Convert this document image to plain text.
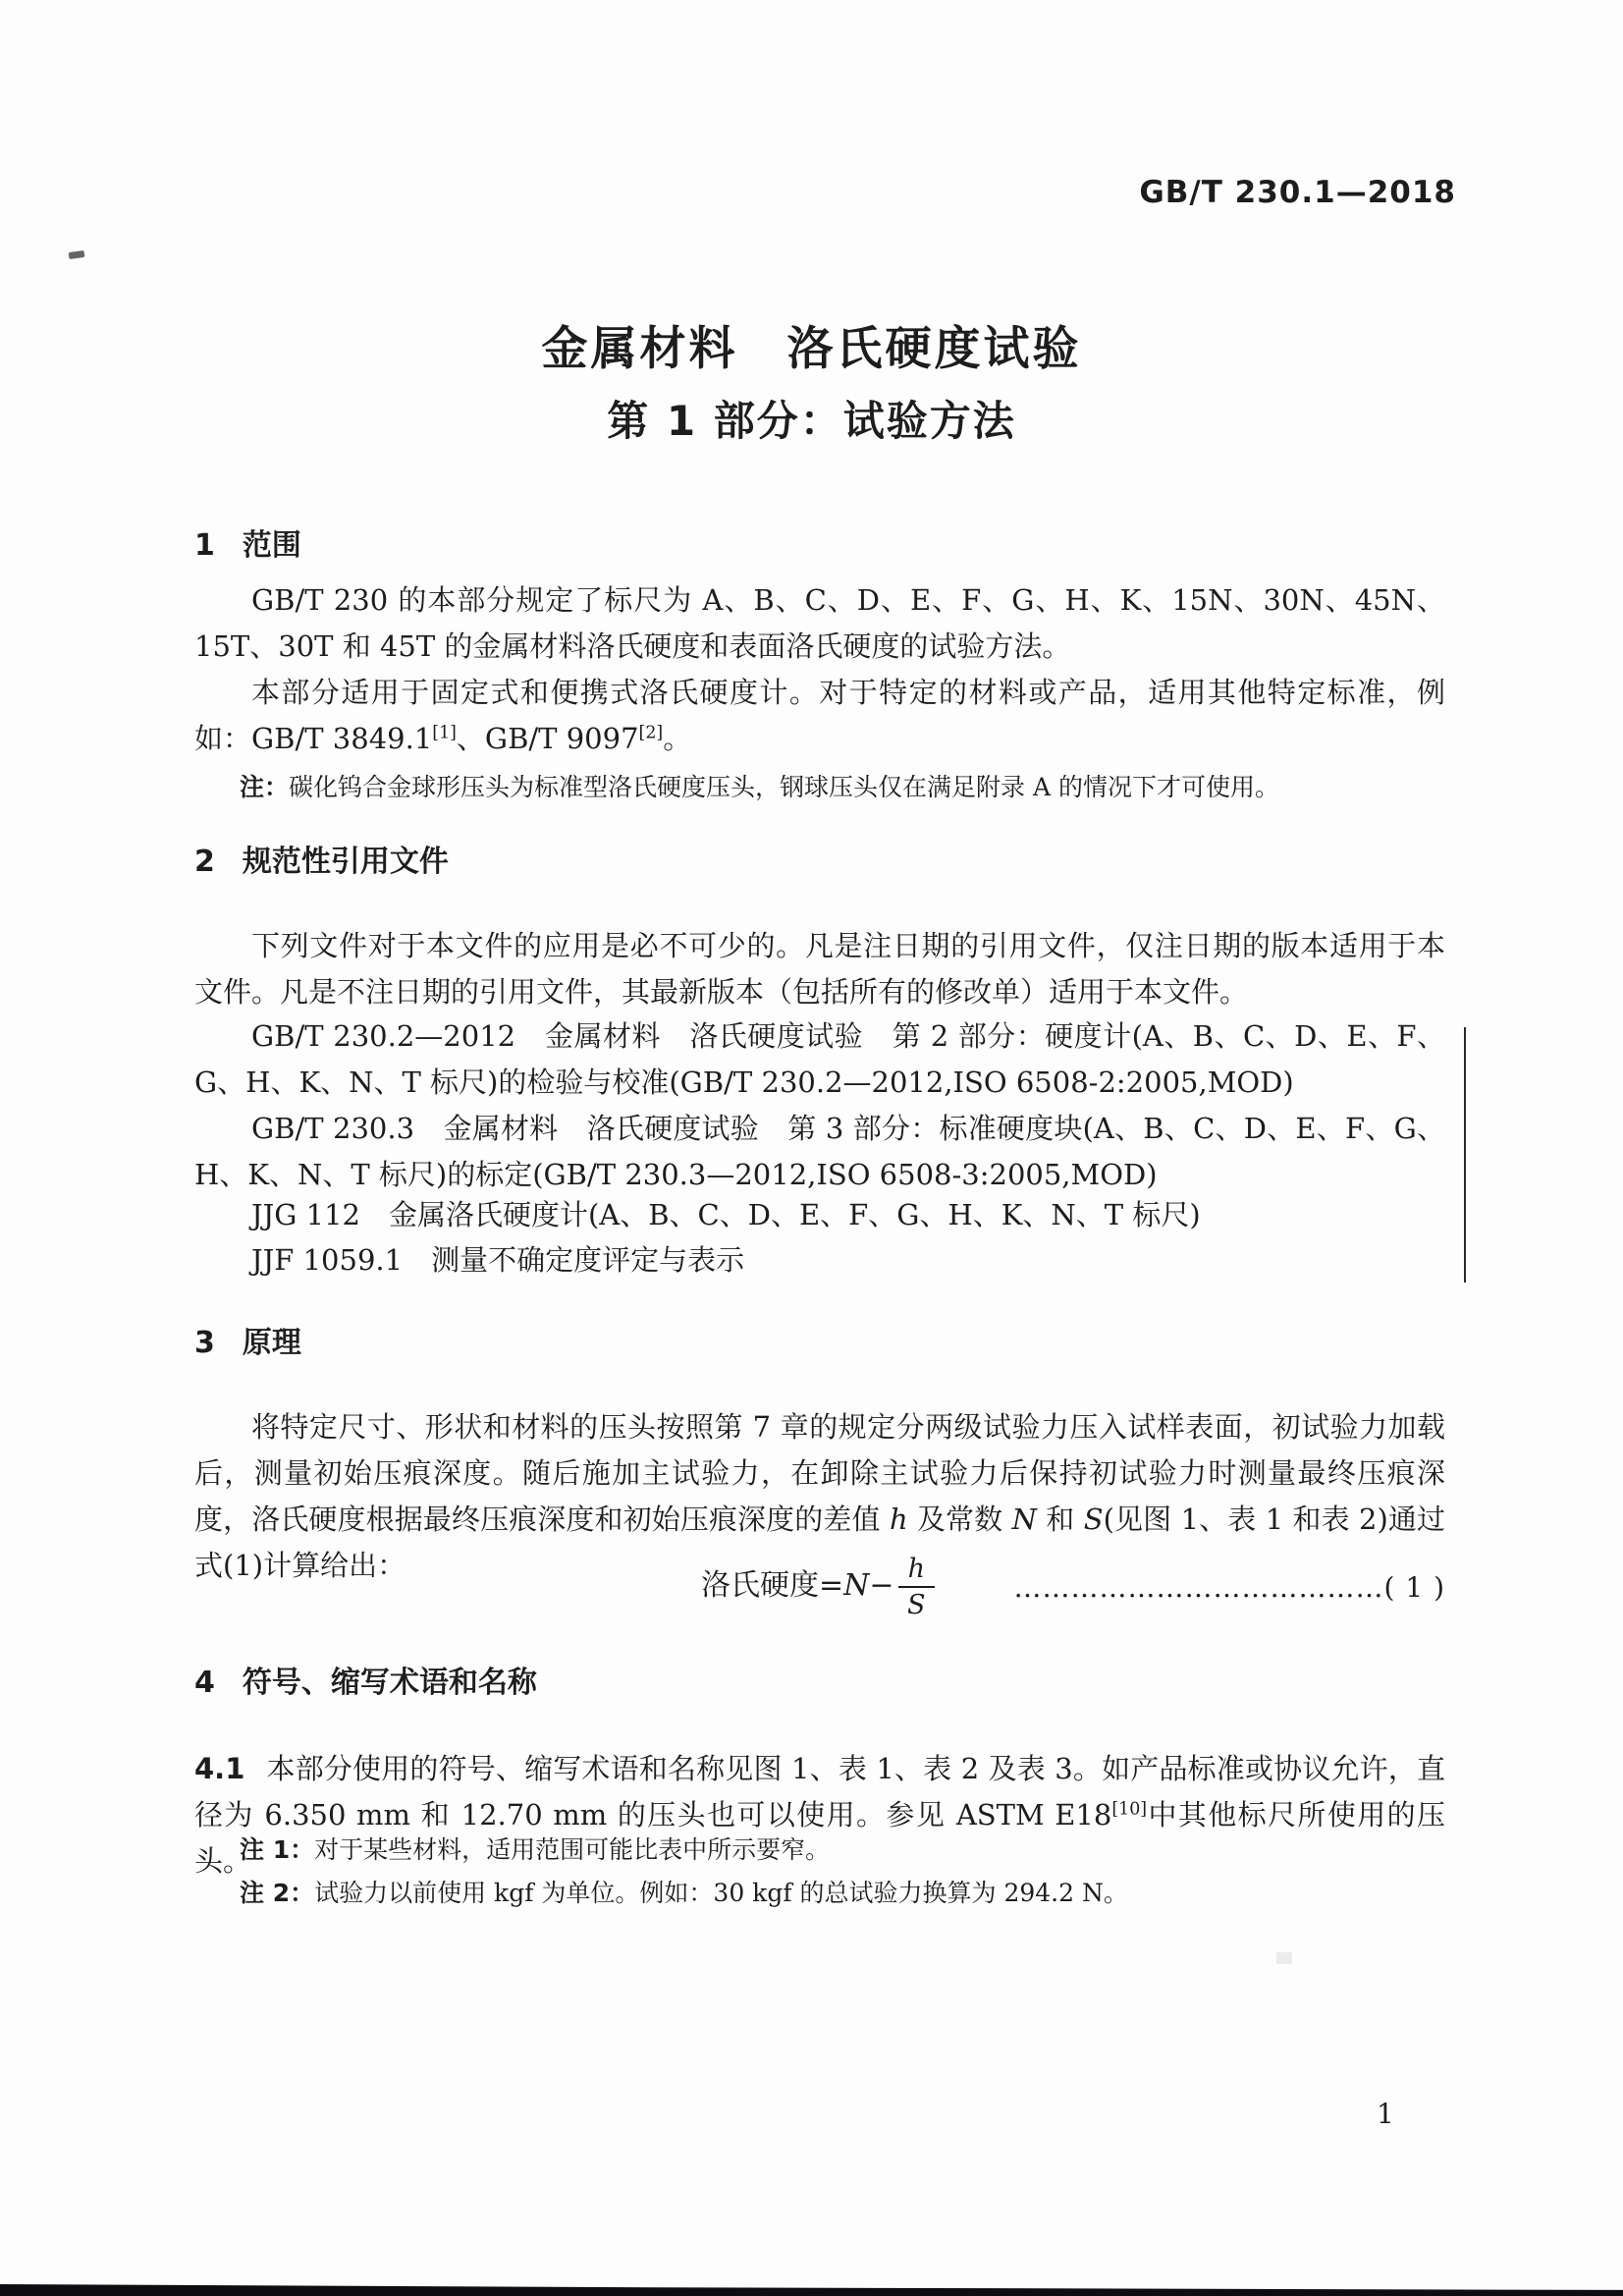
GB/T 230.1—2018
金属材料　洛氏硬度试验
第 1 部分：试验方法
1 范围
GB/T 230 的本部分规定了标尺为 A、B、C、D、E、F、G、H、K、15N、30N、45N、15T、30T 和 45T 的金属材料洛氏硬度和表面洛氏硬度的试验方法。
本部分适用于固定式和便携式洛氏硬度计。对于特定的材料或产品，适用其他特定标准，例如：GB/T 3849.1[1]、GB/T 9097[2]。
注：碳化钨合金球形压头为标准型洛氏硬度压头，钢球压头仅在满足附录 A 的情况下才可使用。
2 规范性引用文件
下列文件对于本文件的应用是必不可少的。凡是注日期的引用文件，仅注日期的版本适用于本文件。凡是不注日期的引用文件，其最新版本（包括所有的修改单）适用于本文件。
GB/T 230.2—2012　金属材料　洛氏硬度试验　第 2 部分：硬度计(A、B、C、D、E、F、G、H、K、N、T 标尺)的检验与校准(GB/T 230.2—2012,ISO 6508-2:2005,MOD)
GB/T 230.3　金属材料　洛氏硬度试验　第 3 部分：标准硬度块(A、B、C、D、E、F、G、H、K、N、T 标尺)的标定(GB/T 230.3—2012,ISO 6508-3:2005,MOD)
JJG 112　金属洛氏硬度计(A、B、C、D、E、F、G、H、K、N、T 标尺)
JJF 1059.1　测量不确定度评定与表示
3 原理
将特定尺寸、形状和材料的压头按照第 7 章的规定分两级试验力压入试样表面，初试验力加载后，测量初始压痕深度。随后施加主试验力，在卸除主试验力后保持初试验力时测量最终压痕深度，洛氏硬度根据最终压痕深度和初始压痕深度的差值 h 及常数 N 和 S(见图 1、表 1 和表 2)通过式(1)计算给出：
洛氏硬度$=N- \frac{h}{S}$	…………………………………( 1 )
4 符号、缩写术语和名称
4.1 本部分使用的符号、缩写术语和名称见图 1、表 1、表 2 及表 3。如产品标准或协议允许，直径为 6.350 mm 和 12.70 mm 的压头也可以使用。参见 ASTM E18[10]中其他标尺所使用的压头。
注 1：对于某些材料，适用范围可能比表中所示要窄。
注 2：试验力以前使用 kgf 为单位。例如：30 kgf 的总试验力换算为 294.2 N。
1
